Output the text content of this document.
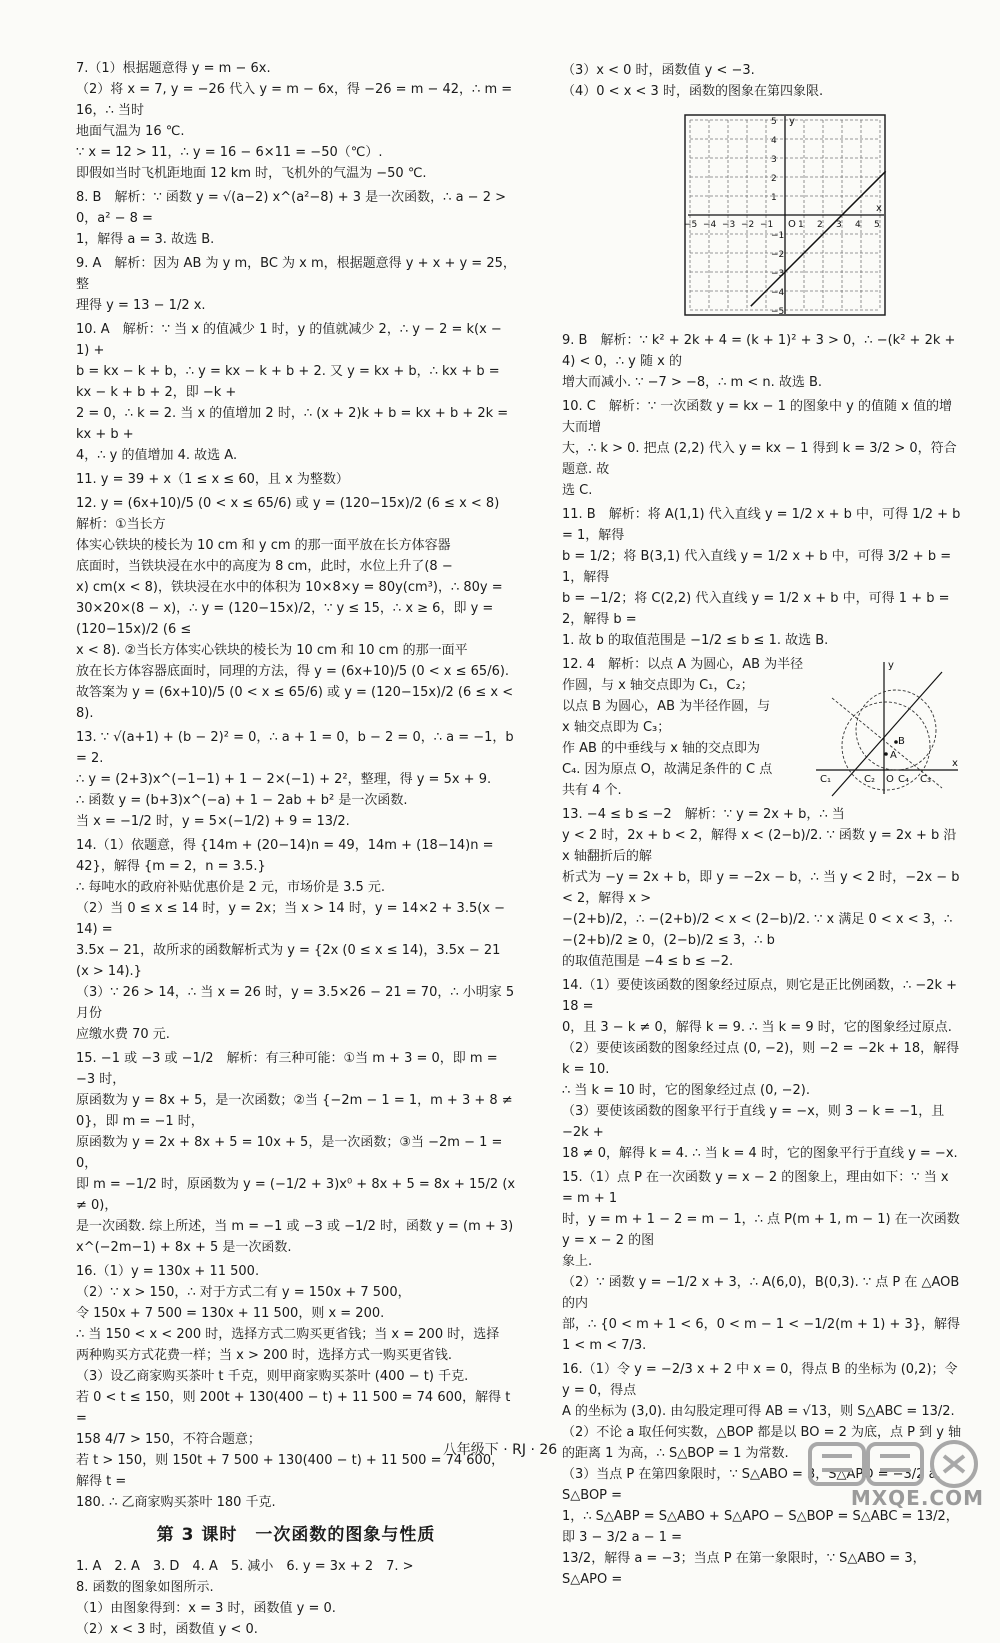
7.（1）根据题意得 y = m − 6x.

（2）将 x = 7, y = −26 代入 y = m − 6x，得 −26 = m − 42，∴ m = 16，∴ 当时

地面气温为 16 ℃.

∵ x = 12 > 11，∴ y = 16 − 6×11 = −50（℃）.

即假如当时飞机距地面 12 km 时，飞机外的气温为 −50 ℃.

8. B　解析：∵ 函数 y = √(a−2) x^(a²−8) + 3 是一次函数，∴ a − 2 > 0，a² − 8 =

1，解得 a = 3. 故选 B.

9. A　解析：因为 AB 为 y m，BC 为 x m，根据题意得 y + x + y = 25，整

理得 y = 13 − 1/2 x.

10. A　解析：∵ 当 x 的值减少 1 时，y 的值就减少 2，∴ y − 2 = k(x − 1) +

b = kx − k + b，∴ y = kx − k + b + 2. 又 y = kx + b，∴ kx + b = kx − k + b + 2，即 −k +

2 = 0，∴ k = 2. 当 x 的值增加 2 时，∴ (x + 2)k + b = kx + b + 2k = kx + b +

4，∴ y 的值增加 4. 故选 A.

11. y = 39 + x（1 ≤ x ≤ 60，且 x 为整数）

12. y = (6x+10)/5 (0 < x ≤ 65/6) 或 y = (120−15x)/2 (6 ≤ x < 8)　解析：①当长方

体实心铁块的棱长为 10 cm 和 y cm 的那一面平放在长方体容器

底面时，当铁块浸在水中的高度为 8 cm，此时，水位上升了(8 −

x) cm(x < 8)，铁块浸在水中的体积为 10×8×y = 80y(cm³)，∴ 80y =

30×20×(8 − x)，∴ y = (120−15x)/2，∵ y ≤ 15，∴ x ≥ 6，即 y = (120−15x)/2 (6 ≤

x < 8). ②当长方体实心铁块的棱长为 10 cm 和 10 cm 的那一面平

放在长方体容器底面时，同理的方法，得 y = (6x+10)/5 (0 < x ≤ 65/6).

故答案为 y = (6x+10)/5 (0 < x ≤ 65/6) 或 y = (120−15x)/2 (6 ≤ x < 8).

13. ∵ √(a+1) + (b − 2)² = 0，∴ a + 1 = 0，b − 2 = 0，∴ a = −1，b = 2.

∴ y = (2+3)x^(−1−1) + 1 − 2×(−1) + 2²，整理，得 y = 5x + 9.

∴ 函数 y = (b+3)x^(−a) + 1 − 2ab + b² 是一次函数.

当 x = −1/2 时，y = 5×(−1/2) + 9 = 13/2.

14.（1）依题意，得 {14m + (20−14)n = 49，14m + (18−14)n = 42}，解得 {m = 2，n = 3.5.}

∴ 每吨水的政府补贴优惠价是 2 元，市场价是 3.5 元.

（2）当 0 ≤ x ≤ 14 时，y = 2x；当 x > 14 时，y = 14×2 + 3.5(x − 14) =

3.5x − 21，故所求的函数解析式为 y = {2x (0 ≤ x ≤ 14)，3.5x − 21 (x > 14).}

（3）∵ 26 > 14，∴ 当 x = 26 时，y = 3.5×26 − 21 = 70，∴ 小明家 5 月份

应缴水费 70 元.

15. −1 或 −3 或 −1/2　解析：有三种可能：①当 m + 3 = 0，即 m = −3 时，

原函数为 y = 8x + 5，是一次函数；②当 {−2m − 1 = 1，m + 3 + 8 ≠ 0}，即 m = −1 时，

原函数为 y = 2x + 8x + 5 = 10x + 5，是一次函数；③当 −2m − 1 = 0，

即 m = −1/2 时，原函数为 y = (−1/2 + 3)x⁰ + 8x + 5 = 8x + 15/2 (x ≠ 0)，

是一次函数. 综上所述，当 m = −1 或 −3 或 −1/2 时，函数 y = (m + 3)

x^(−2m−1) + 8x + 5 是一次函数.

16.（1）y = 130x + 11 500.

（2）∵ x > 150，∴ 对于方式二有 y = 150x + 7 500，

令 150x + 7 500 = 130x + 11 500，则 x = 200.

∴ 当 150 < x < 200 时，选择方式二购买更省钱；当 x = 200 时，选择

两种购买方式花费一样；当 x > 200 时，选择方式一购买更省钱.

（3）设乙商家购买茶叶 t 千克，则甲商家购买茶叶 (400 − t) 千克.

若 0 < t ≤ 150，则 200t + 130(400 − t) + 11 500 = 74 600，解得 t =

158 4/7 > 150，不符合题意；

若 t > 150，则 150t + 7 500 + 130(400 − t) + 11 500 = 74 600，解得 t =

180. ∴ 乙商家购买茶叶 180 千克.

第 3 课时　一次函数的图象与性质

1. A　2. A　3. D　4. A　5. 减小　6. y = 3x + 2　7. >

8. 函数的图象如图所示.

（1）由图象得到：x = 3 时，函数值 y = 0.

（2）x < 3 时，函数值 y < 0.

（3）x < 0 时，函数值 y < −3.

（4）0 < x < 3 时，函数的图象在第四象限.

−5 −4 −3 −2 −1	1 2 3 4 5
5
4
3
2
1
−1
−2
−3
−4
−5
x
y
O

9. B　解析：∵ k² + 2k + 4 = (k + 1)² + 3 > 0，∴ −(k² + 2k + 4) < 0，∴ y 随 x 的

增大而减小. ∵ −7 > −8，∴ m < n. 故选 B.

10. C　解析：∵ 一次函数 y = kx − 1 的图象中 y 的值随 x 值的增大而增

大，∴ k > 0. 把点 (2,2) 代入 y = kx − 1 得到 k = 3/2 > 0，符合题意. 故

选 C.

11. B　解析：将 A(1,1) 代入直线 y = 1/2 x + b 中，可得 1/2 + b = 1，解得

b = 1/2；将 B(3,1) 代入直线 y = 1/2 x + b 中，可得 3/2 + b = 1，解得

b = −1/2；将 C(2,2) 代入直线 y = 1/2 x + b 中，可得 1 + b = 2，解得 b =

1. 故 b 的取值范围是 −1/2 ≤ b ≤ 1. 故选 B.

12. 4　解析：以点 A 为圆心，AB 为半径

作圆，与 x 轴交点即为 C₁，C₂；

以点 B 为圆心，AB 为半径作圆，与

x 轴交点即为 C₃；

作 AB 的中垂线与 x 轴的交点即为

C₄. 因为原点 O，故满足条件的 C 点

共有 4 个.

y
x
B
A
O
C₁	C₂	C₃
C₄

13. −4 ≤ b ≤ −2　解析：∵ y = 2x + b，∴ 当

y < 2 时，2x + b < 2，解得 x < (2−b)/2. ∵ 函数 y = 2x + b 沿 x 轴翻折后的解

析式为 −y = 2x + b，即 y = −2x − b，∴ 当 y < 2 时，−2x − b < 2，解得 x >

−(2+b)/2，∴ −(2+b)/2 < x < (2−b)/2. ∵ x 满足 0 < x < 3，∴ −(2+b)/2 ≥ 0，(2−b)/2 ≤ 3，∴ b

的取值范围是 −4 ≤ b ≤ −2.

14.（1）要使该函数的图象经过原点，则它是正比例函数，∴ −2k + 18 =

0，且 3 − k ≠ 0，解得 k = 9. ∴ 当 k = 9 时，它的图象经过原点.

（2）要使该函数的图象经过点 (0, −2)，则 −2 = −2k + 18，解得 k = 10.

∴ 当 k = 10 时，它的图象经过点 (0, −2).

（3）要使该函数的图象平行于直线 y = −x，则 3 − k = −1，且 −2k +

18 ≠ 0，解得 k = 4. ∴ 当 k = 4 时，它的图象平行于直线 y = −x.

15.（1）点 P 在一次函数 y = x − 2 的图象上，理由如下：∵ 当 x = m + 1

时，y = m + 1 − 2 = m − 1，∴ 点 P(m + 1, m − 1) 在一次函数 y = x − 2 的图

象上.

（2）∵ 函数 y = −1/2 x + 3，∴ A(6,0)，B(0,3). ∵ 点 P 在 △AOB 的内

部，∴ {0 < m + 1 < 6，0 < m − 1 < −1/2(m + 1) + 3}，解得 1 < m < 7/3.

16.（1）令 y = −2/3 x + 2 中 x = 0，得点 B 的坐标为 (0,2)；令 y = 0，得点

A 的坐标为 (3,0). 由勾股定理可得 AB = √13，则 S△ABC = 13/2.

（2）不论 a 取任何实数，△BOP 都是以 BO = 2 为底，点 P 到 y 轴

的距离 1 为高，∴ S△BOP = 1 为常数.

（3）当点 P 在第四象限时，∵ S△ABO = 3，S△APO = −3/2 a，S△BOP =

1，∴ S△ABP = S△ABO + S△APO − S△BOP = S△ABC = 13/2，即 3 − 3/2 a − 1 =

13/2，解得 a = −3；当点 P 在第一象限时，∵ S△ABO = 3，S△APO =

八年级下 · RJ · 26
MXQE.COM
